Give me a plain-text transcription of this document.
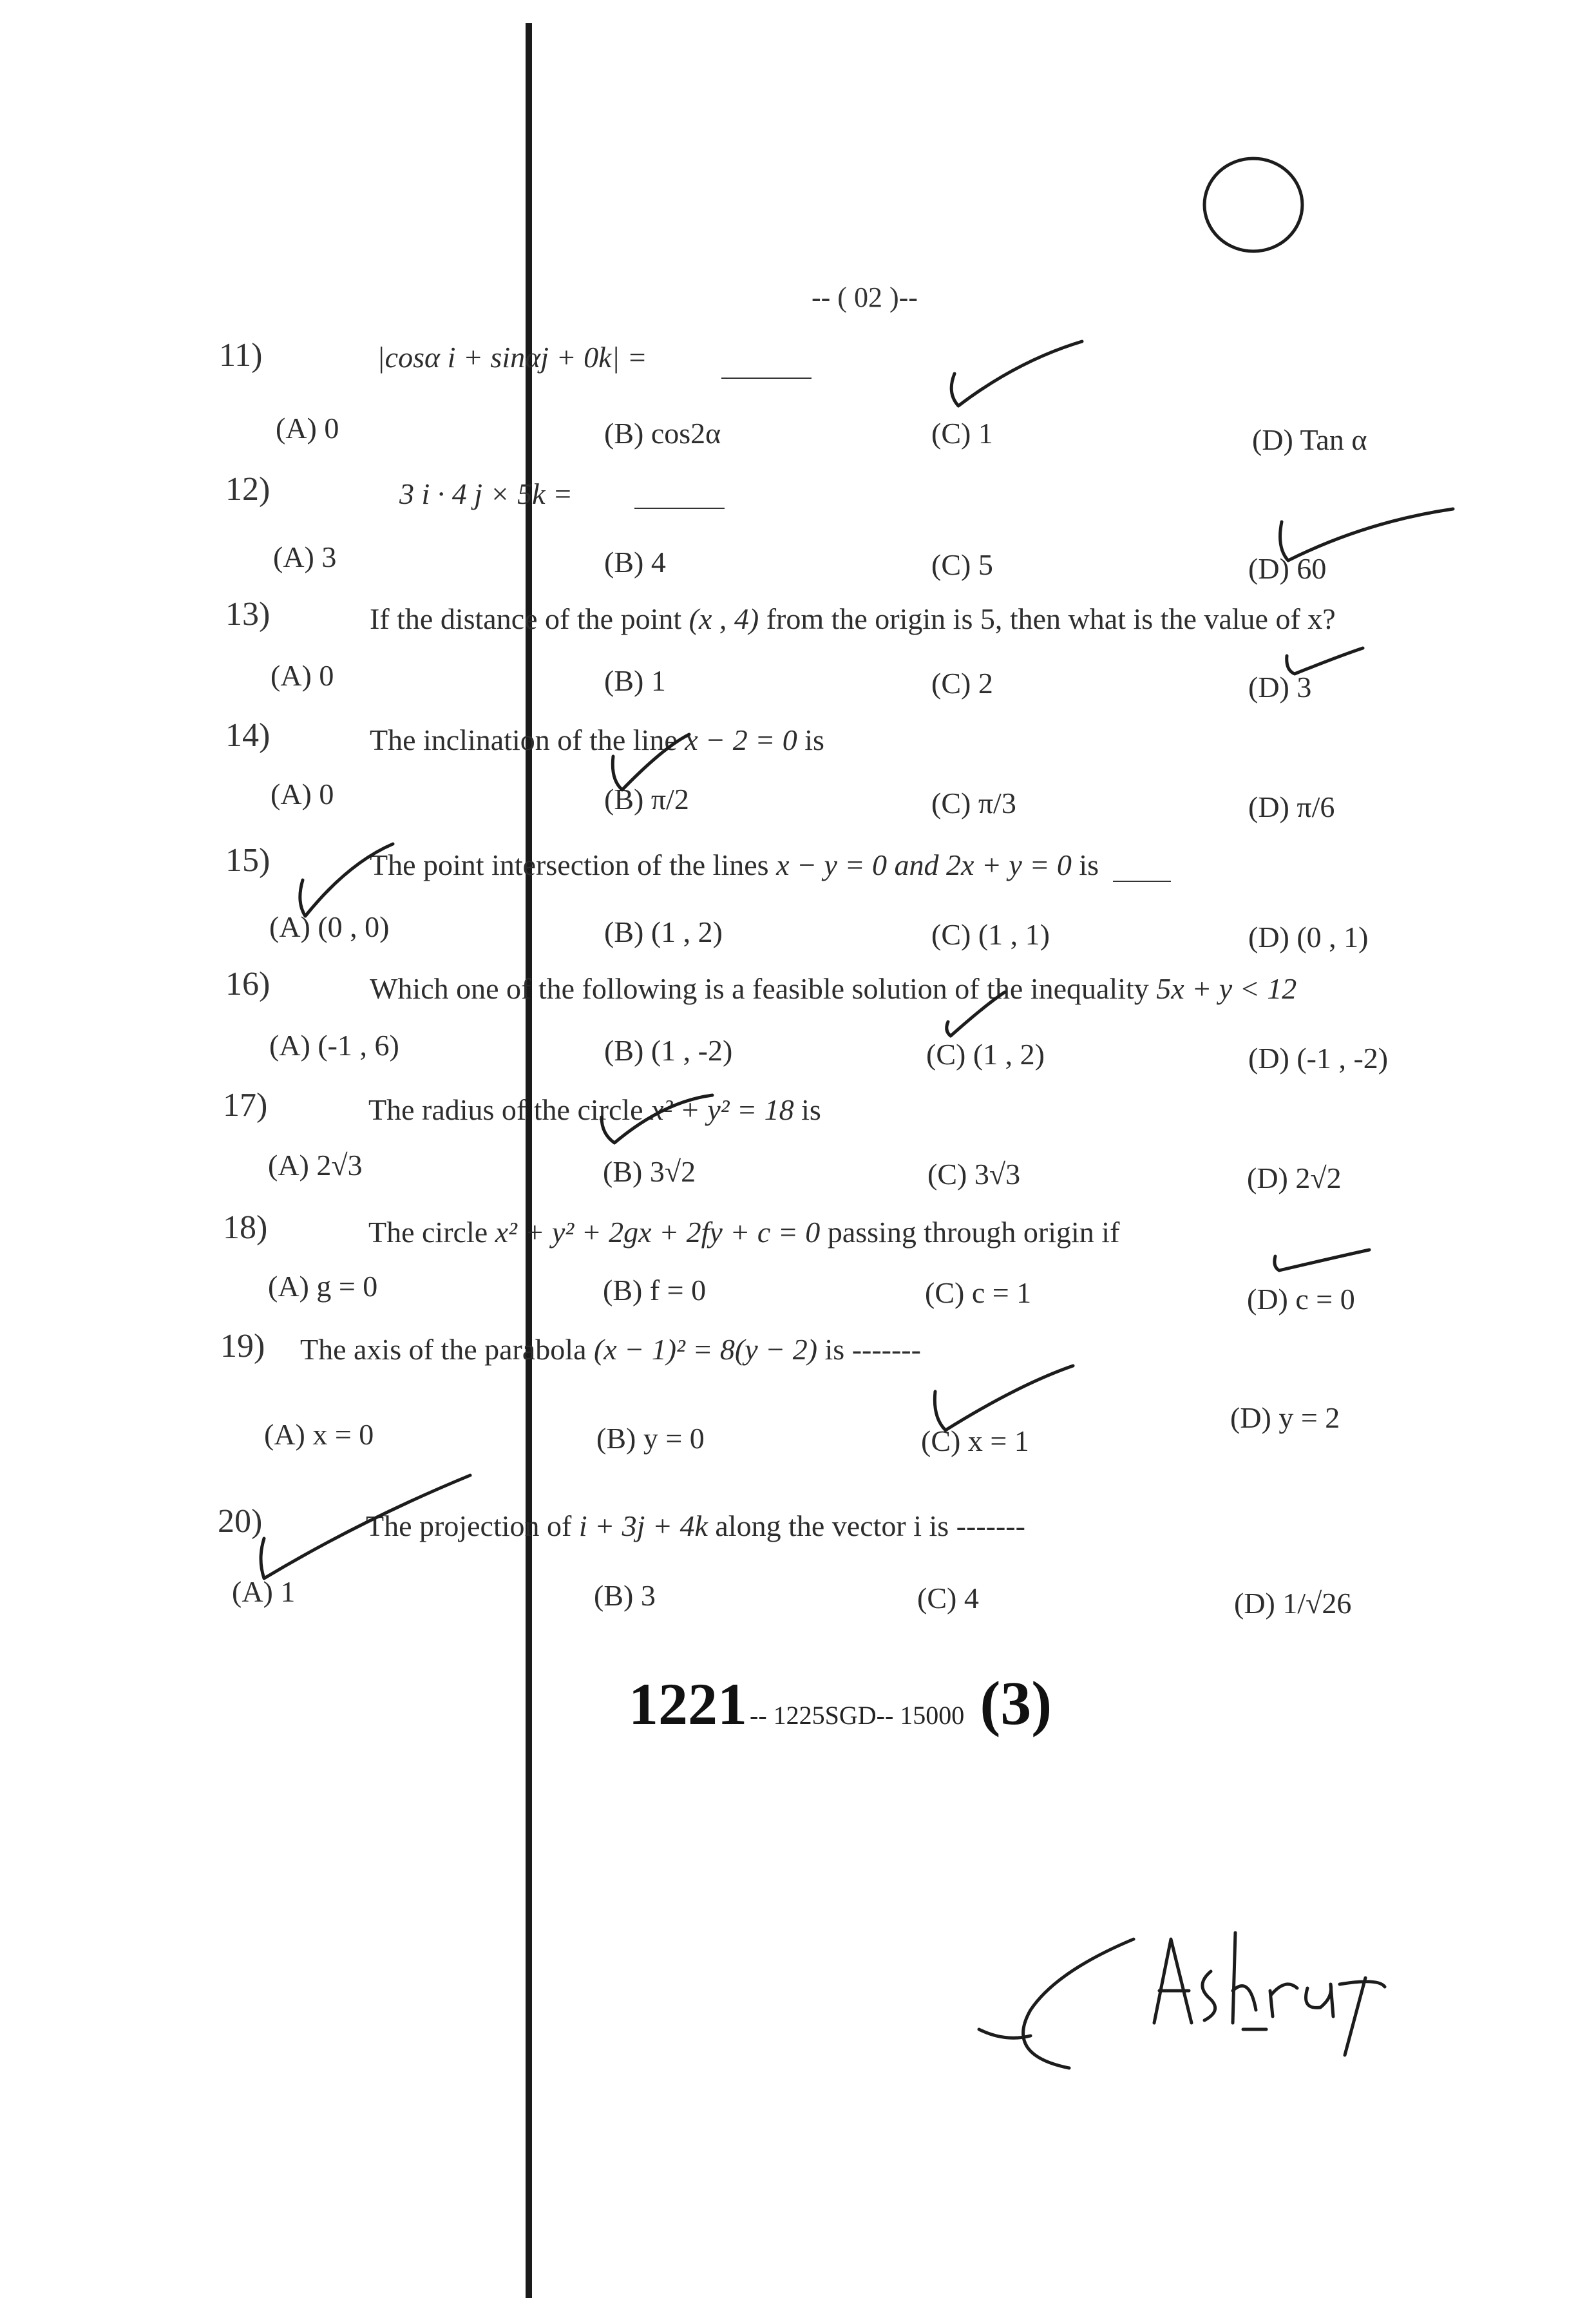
-- ( 02 )--
11)	|cosα i + sinαj + 0k| =
(A) 0	(B) cos2α	(C) 1	(D) Tan α
12)	3 i · 4 j × 5k =
(A) 3	(B) 4	(C) 5	(D) 60
13)	If the distance of the point (x , 4) from the origin is 5, then what is the value of x?
(A) 0	(B) 1	(C) 2	(D) 3
14)	The inclination of the line x − 2 = 0 is
(A) 0	(B) π/2	(C) π/3	(D) π/6
15)	The point intersection of the lines x − y = 0 and 2x + y = 0 is
(A) (0 , 0)	(B) (1 , 2)	(C) (1 , 1)	(D) (0 , 1)
16)	Which one of the following is a feasible solution of the inequality 5x + y < 12
(A) (-1 , 6)	(B) (1 , -2)	(C) (1 , 2)	(D) (-1 , -2)
17)	The radius of the circle x² + y² = 18 is
(A) 2√3	(B) 3√2	(C) 3√3	(D) 2√2
18)	The circle x² + y² + 2gx + 2fy + c = 0 passing through origin if
(A) g = 0	(B) f = 0	(C) c = 1	(D) c = 0
19) The axis of the parabola (x − 1)² = 8(y − 2) is -------
(A) x = 0	(B) y = 0	(C) x = 1
(D) y = 2
20)	The projection of i + 3j + 4k along the vector i is -------
(A) 1	(B) 3	(C) 4	(D) 1/√26
1221 -- 1225SGD-- 15000 (3)
